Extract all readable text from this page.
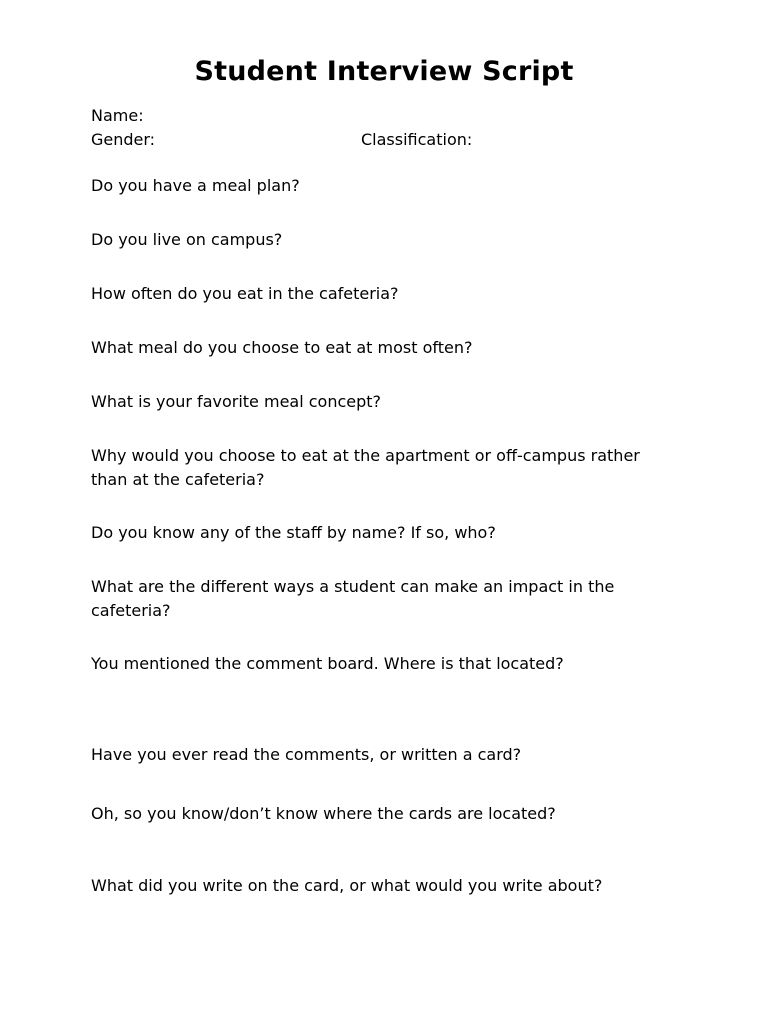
Student Interview Script
Name:
Gender:	Classification:
Do you have a meal plan?
Do you live on campus?
How often do you eat in the cafeteria?
What meal do you choose to eat at most often?
What is your favorite meal concept?
Why would you choose to eat at the apartment or off-campus rather than at the cafeteria?
Do you know any of the staff by name? If so, who?
What are the different ways a student can make an impact in the cafeteria?
You mentioned the comment board. Where is that located?
Have you ever read the comments, or written a card?
Oh, so you know/don’t know where the cards are located?
What did you write on the card, or what would you write about?
